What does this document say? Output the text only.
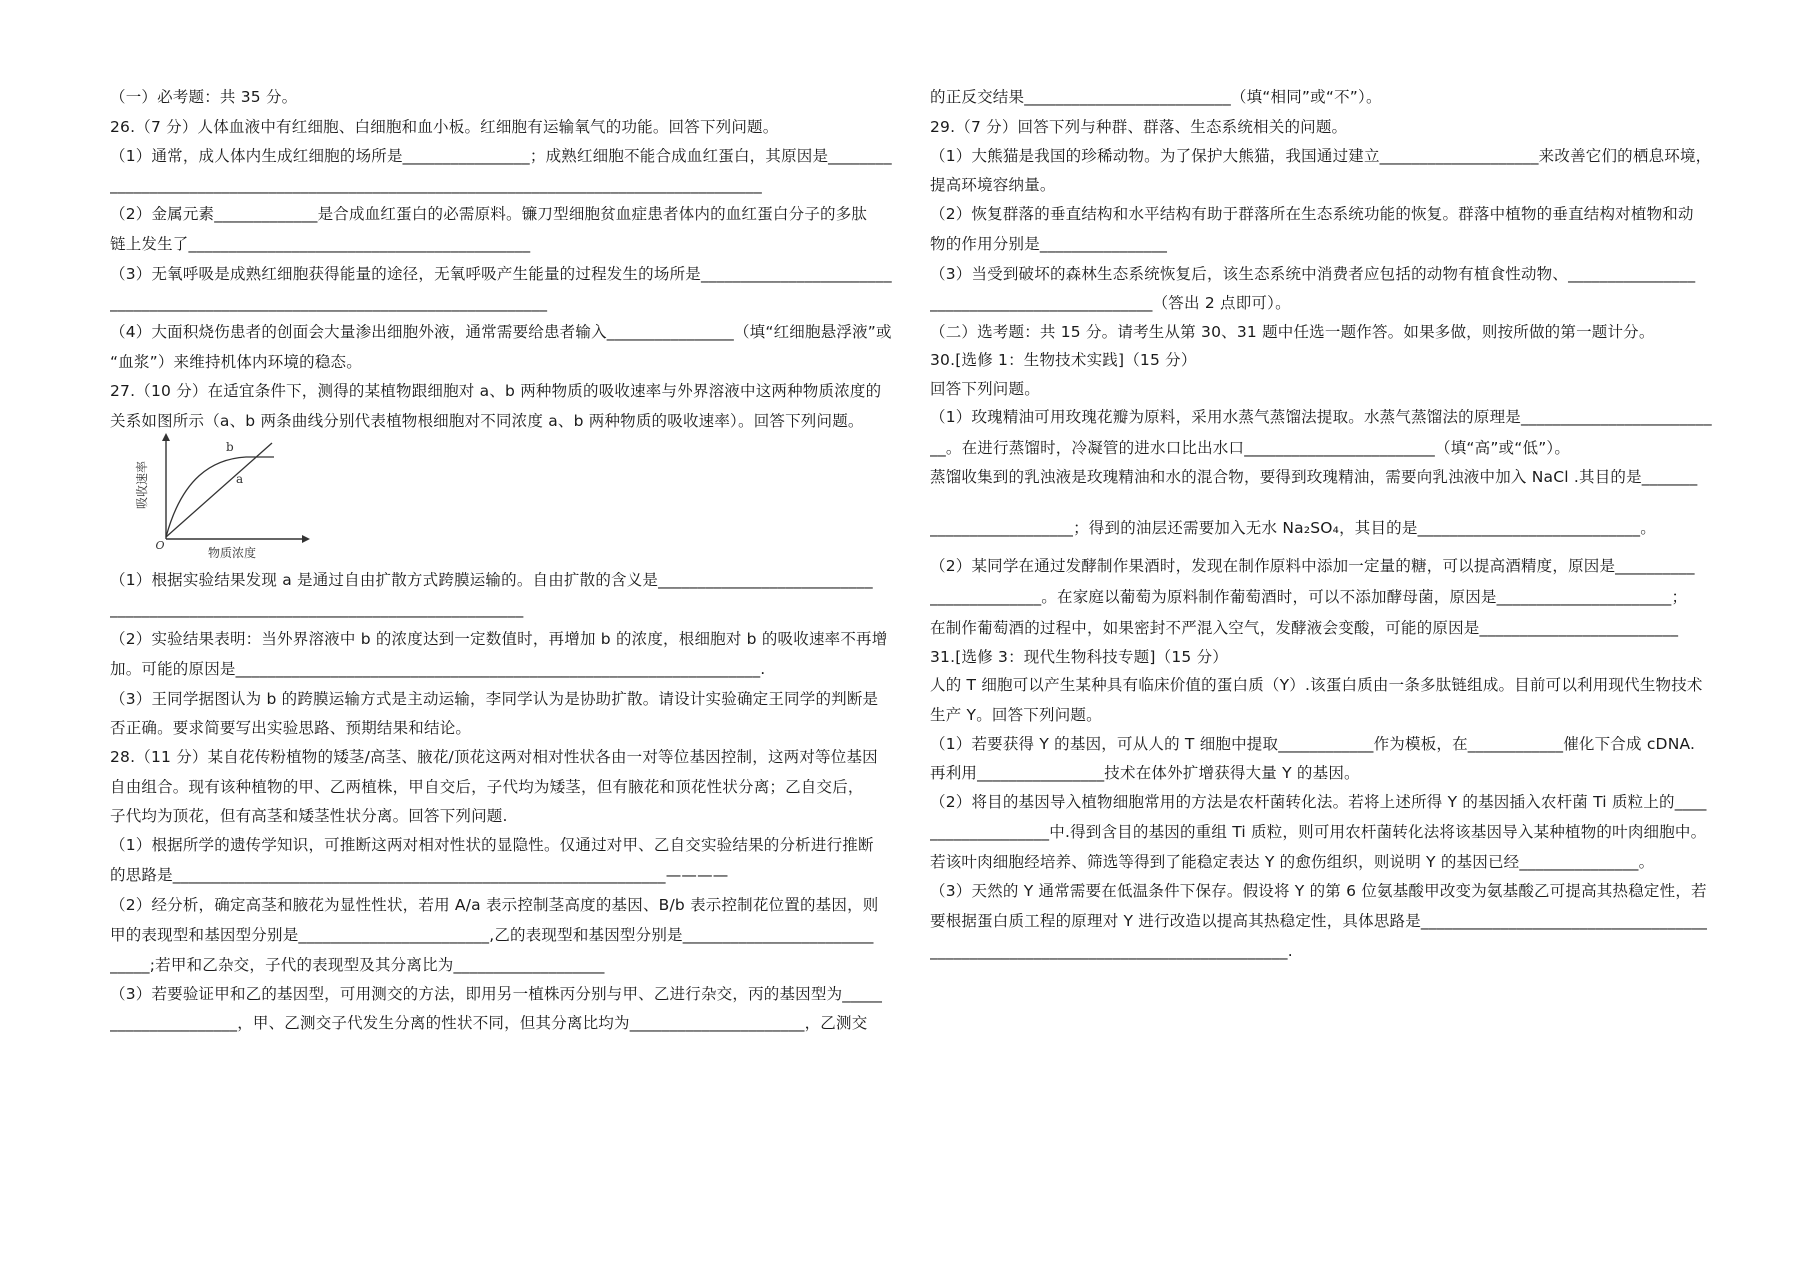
（一）必考题：共 35 分。
26.（7 分）人体血液中有红细胞、白细胞和血小板。红细胞有运输氧气的功能。回答下列问题。
（1）通常，成人体内生成红细胞的场所是________________；成熟红细胞不能合成血红蛋白，其原因是________
__________________________________________________________________________________
（2）金属元素_____________是合成血红蛋白的必需原料。镰刀型细胞贫血症患者体内的血红蛋白分子的多肽
链上发生了___________________________________________
（3）无氧呼吸是成熟红细胞获得能量的途径，无氧呼吸产生能量的过程发生的场所是________________________
_______________________________________________________
（4）大面积烧伤患者的创面会大量渗出细胞外液，通常需要给患者输入________________（填“红细胞悬浮液”或
“血浆”）来维持机体内环境的稳态。
27.（10 分）在适宜条件下，测得的某植物跟细胞对 a、b 两种物质的吸收速率与外界溶液中这两种物质浓度的
关系如图所示（a、b 两条曲线分别代表植物根细胞对不同浓度 a、b 两种物质的吸收速率）。回答下列问题。
a
b
吸收速率
物质浓度
O
（1）根据实验结果发现 a 是通过自由扩散方式跨膜运输的。自由扩散的含义是___________________________
____________________________________________________
（2）实验结果表明：当外界溶液中 b 的浓度达到一定数值时，再增加 b 的浓度，根细胞对 b 的吸收速率不再增
加。可能的原因是__________________________________________________________________.
（3）王同学据图认为 b 的跨膜运输方式是主动运输，李同学认为是协助扩散。请设计实验确定王同学的判断是
否正确。要求简要写出实验思路、预期结果和结论。
28.（11 分）某自花传粉植物的矮茎/高茎、腋花/顶花这两对相对性状各由一对等位基因控制，这两对等位基因
自由组合。现有该种植物的甲、乙两植株，甲自交后，子代均为矮茎，但有腋花和顶花性状分离；乙自交后，
子代均为顶花，但有高茎和矮茎性状分离。回答下列问题.
（1）根据所学的遗传学知识，可推断这两对相对性状的显隐性。仅通过对甲、乙自交实验结果的分析进行推断
的思路是______________________________________________________________————
（2）经分析，确定高茎和腋花为显性性状，若用 A/a 表示控制茎高度的基因、B/b 表示控制花位置的基因，则
甲的表现型和基因型分别是________________________,乙的表现型和基因型分别是________________________
_____;若甲和乙杂交，子代的表现型及其分离比为___________________
（3）若要验证甲和乙的基因型，可用测交的方法，即用另一植株丙分别与甲、乙进行杂交，丙的基因型为_____
________________，甲、乙测交子代发生分离的性状不同，但其分离比均为______________________，乙测交
的正反交结果__________________________（填“相同”或“不”）。
29.（7 分）回答下列与种群、群落、生态系统相关的问题。
（1）大熊猫是我国的珍稀动物。为了保护大熊猫，我国通过建立____________________来改善它们的栖息环境，
提高环境容纳量。
（2）恢复群落的垂直结构和水平结构有助于群落所在生态系统功能的恢复。群落中植物的垂直结构对植物和动
物的作用分别是________________
（3）当受到破坏的森林生态系统恢复后，该生态系统中消费者应包括的动物有植食性动物、________________
____________________________（答出 2 点即可）。
（二）选考题：共 15 分。请考生从第 30、31 题中任选一题作答。如果多做，则按所做的第一题计分。
30.[选修 1：生物技术实践]（15 分）
回答下列问题。
（1）玫瑰精油可用玫瑰花瓣为原料，采用水蒸气蒸馏法提取。水蒸气蒸馏法的原理是________________________
__。在进行蒸馏时，冷凝管的进水口比出水口________________________（填“高”或“低”）。
蒸馏收集到的乳浊液是玫瑰精油和水的混合物，要得到玫瑰精油，需要向乳浊液中加入 NaCl .其目的是_______
__________________；得到的油层还需要加入无水 Na₂SO₄，其目的是____________________________。
（2）某同学在通过发酵制作果酒时，发现在制作原料中添加一定量的糖，可以提高酒精度，原因是__________
______________。在家庭以葡萄为原料制作葡萄酒时，可以不添加酵母菌，原因是______________________；
在制作葡萄酒的过程中，如果密封不严混入空气，发酵液会变酸，可能的原因是_________________________
31.[选修 3：现代生物科技专题]（15 分）
人的 T 细胞可以产生某种具有临床价值的蛋白质（Y）.该蛋白质由一条多肽链组成。目前可以利用现代生物技术
生产 Y。回答下列问题。
（1）若要获得 Y 的基因，可从人的 T 细胞中提取____________作为模板，在____________催化下合成 cDNA.
再利用________________技术在体外扩增获得大量 Y 的基因。
（2）将目的基因导入植物细胞常用的方法是农杆菌转化法。若将上述所得 Y 的基因插入农杆菌 Ti 质粒上的____
_______________中.得到含目的基因的重组 Ti 质粒，则可用农杆菌转化法将该基因导入某种植物的叶肉细胞中。
若该叶肉细胞经培养、筛选等得到了能稳定表达 Y 的愈伤组织，则说明 Y 的基因已经_______________。
（3）天然的 Y 通常需要在低温条件下保存。假设将 Y 的第 6 位氨基酸甲改变为氨基酸乙可提高其热稳定性，若
要根据蛋白质工程的原理对 Y 进行改造以提高其热稳定性，具体思路是____________________________________
_____________________________________________.
